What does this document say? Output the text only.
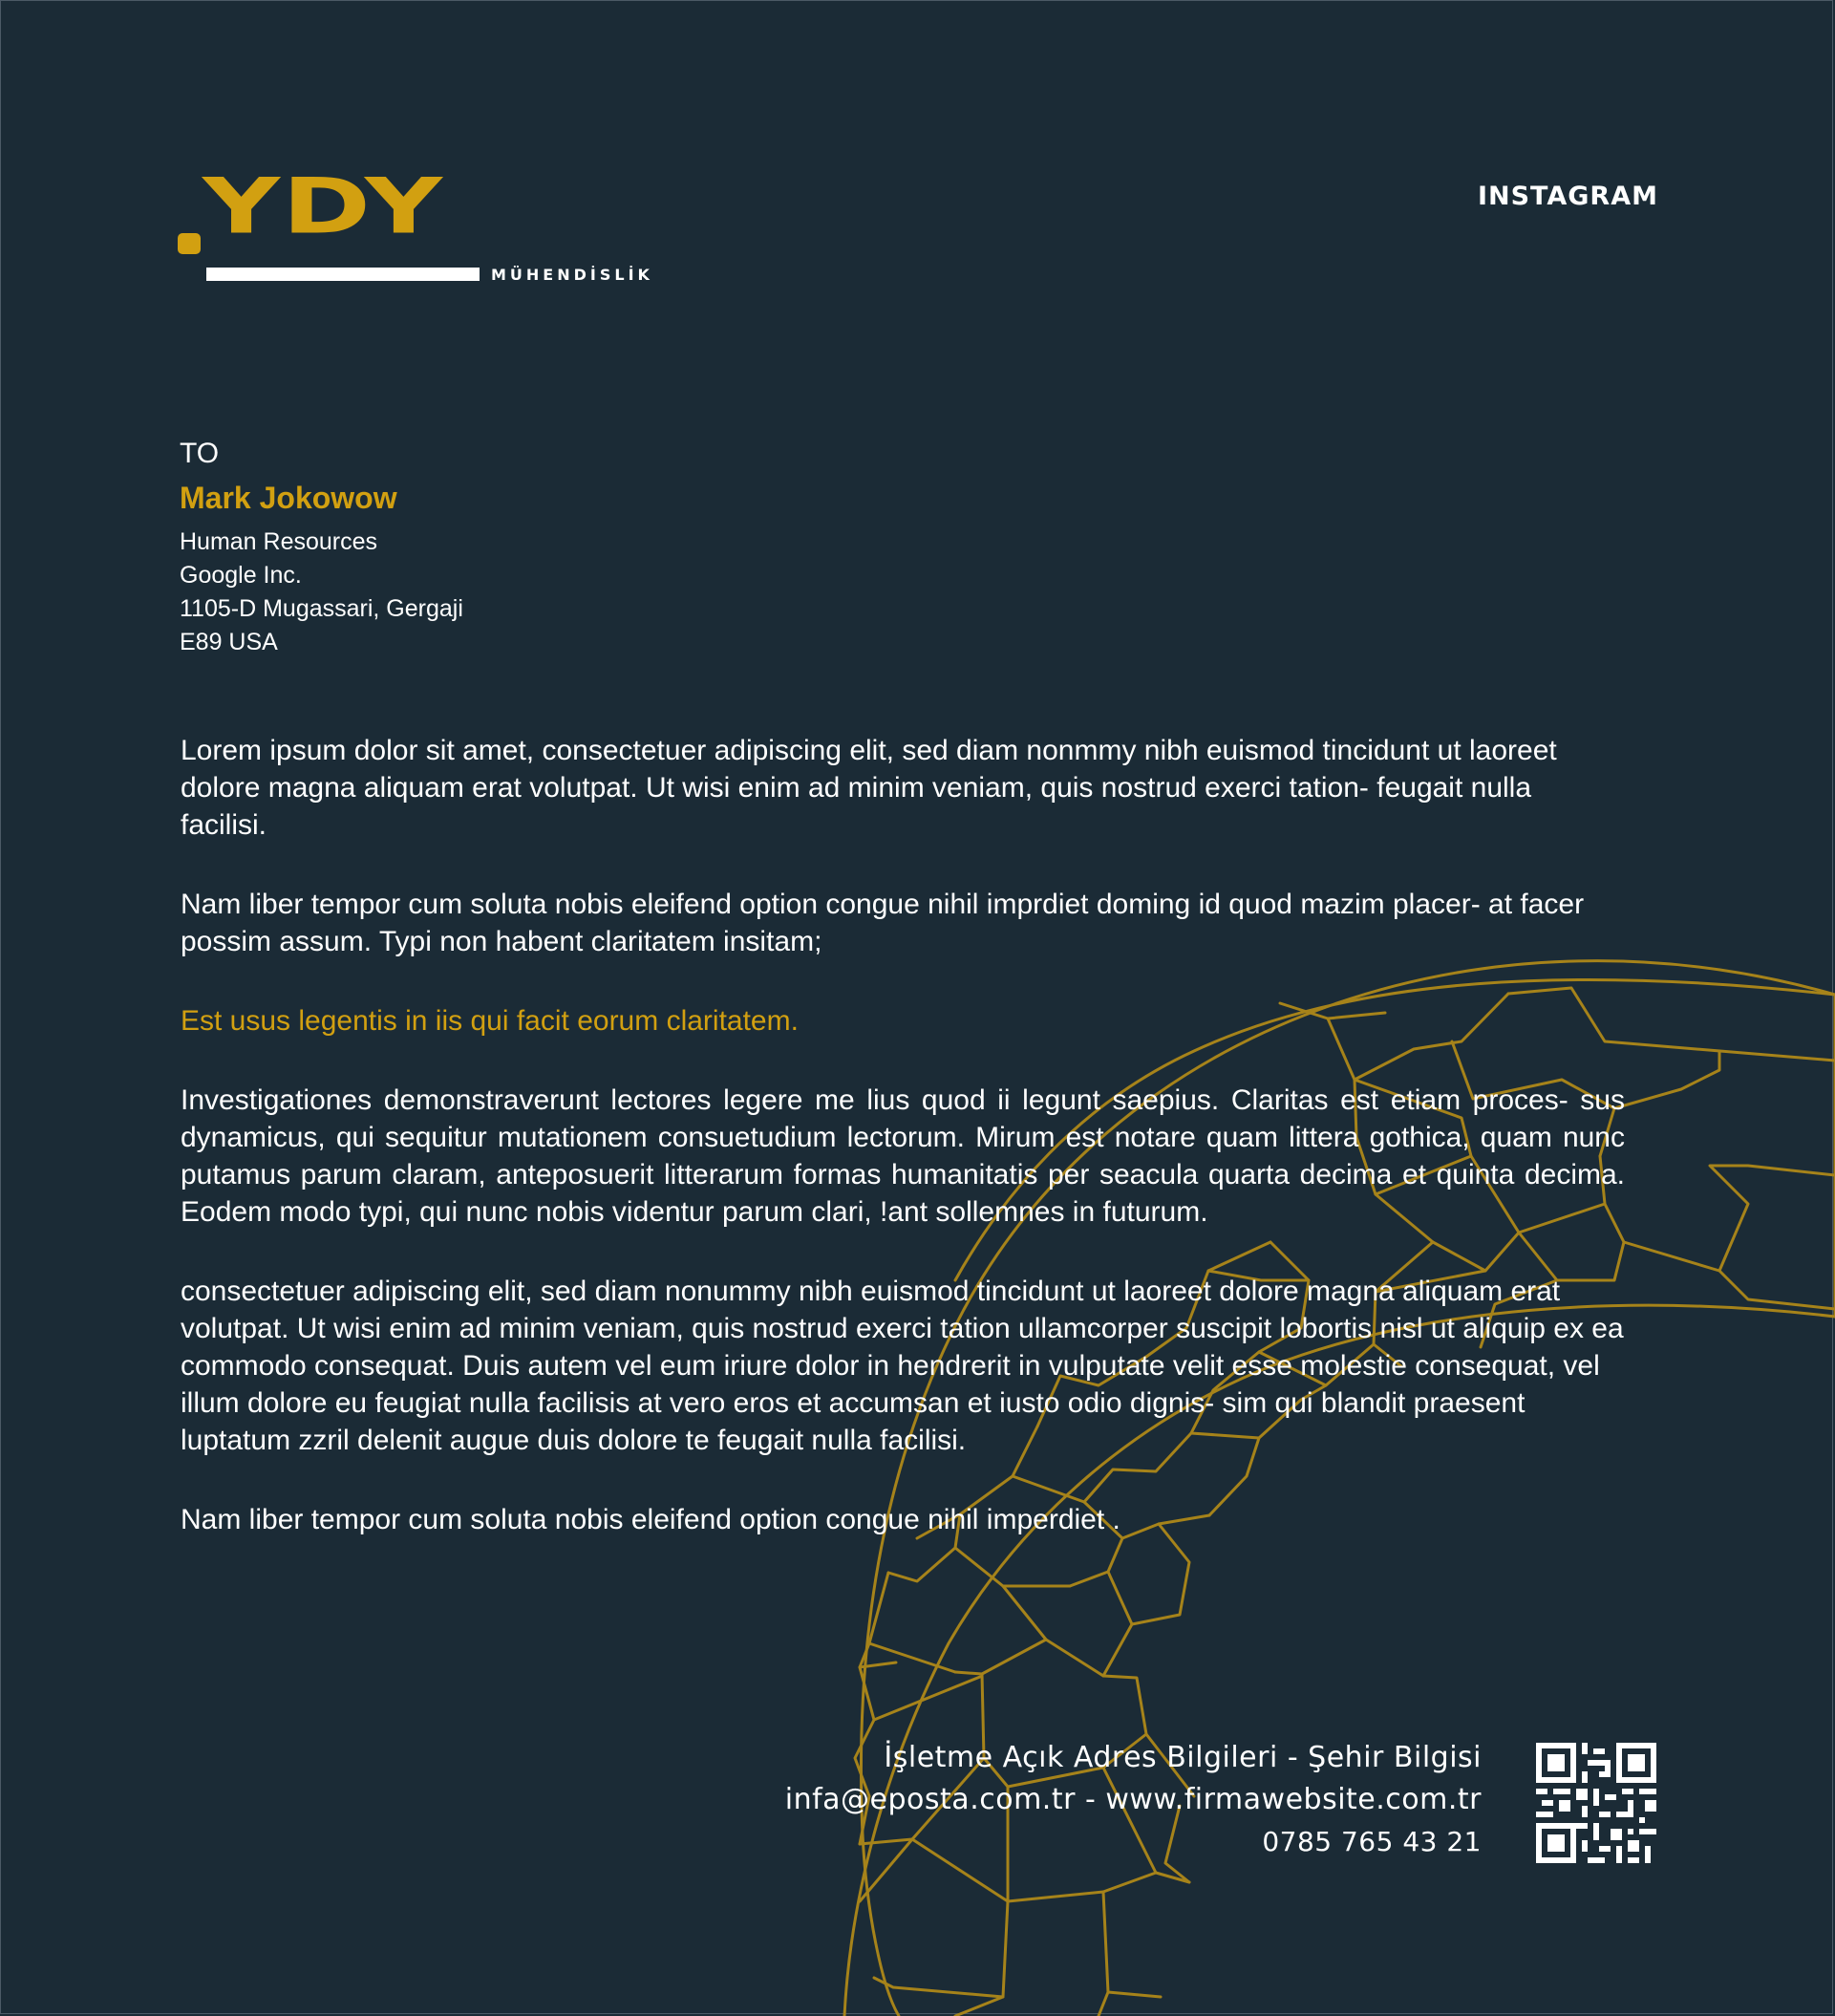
YDY
MÜHENDİSLİK
INSTAGRAM
TO
Mark Jokowow
Human Resources
Google Inc.
1105-D Mugassari, Gergaji
E89 USA

Lorem ipsum dolor sit amet, consectetuer adipiscing elit, sed diam nonmmy nibh euismod tincidunt ut laoreet dolore magna aliquam erat volutpat. Ut wisi enim ad minim veniam, quis nostrud exerci tation- feugait nulla facilisi.

Nam liber tempor cum soluta nobis eleifend option congue nihil imprdiet doming id quod mazim placer- at facer possim assum. Typi non habent claritatem insitam;

Est usus legentis in iis qui facit eorum claritatem.

Investigationes demonstraverunt lectores legere me lius quod ii legunt saepius. Claritas est etiam proces- sus dynamicus, qui sequitur mutationem consuetudium lectorum. Mirum est notare quam littera gothica, quam nunc putamus parum claram, anteposuerit litterarum formas humanitatis per seacula quarta decima et quinta decima. Eodem modo typi, qui nunc nobis videntur parum clari, !ant sollemnes in futurum.

consectetuer adipiscing elit, sed diam nonummy nibh euismod tincidunt ut laoreet dolore magna aliquam erat volutpat. Ut wisi enim ad minim veniam, quis nostrud exerci tation ullamcorper suscipit lobortis nisl ut aliquip ex ea commodo consequat. Duis autem vel eum iriure dolor in hendrerit in vulputate velit esse molestie consequat, vel illum dolore eu feugiat nulla facilisis at vero eros et accumsan et iusto odio dignis- sim qui blandit praesent luptatum zzril delenit augue duis dolore te feugait nulla facilisi.

Nam liber tempor cum soluta nobis eleifend option congue nihil imperdiet .

İşletme Açık Adres Bilgileri - Şehir Bilgisi
infa@eposta.com.tr - www.firmawebsite.com.tr
0785 765 43 21
